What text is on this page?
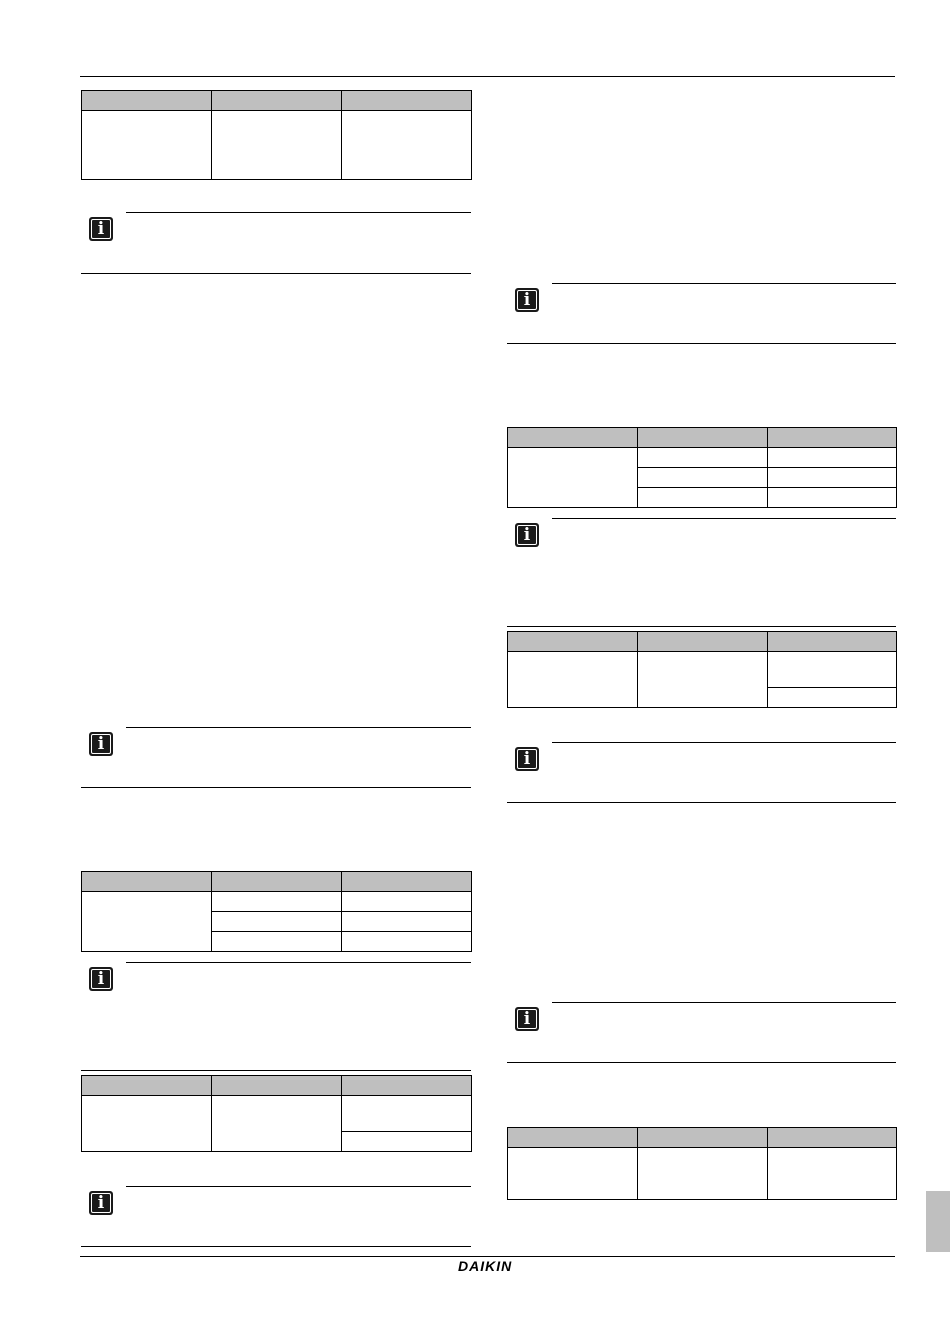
i
i

i

i
i

i

i
i

DAIKIN
